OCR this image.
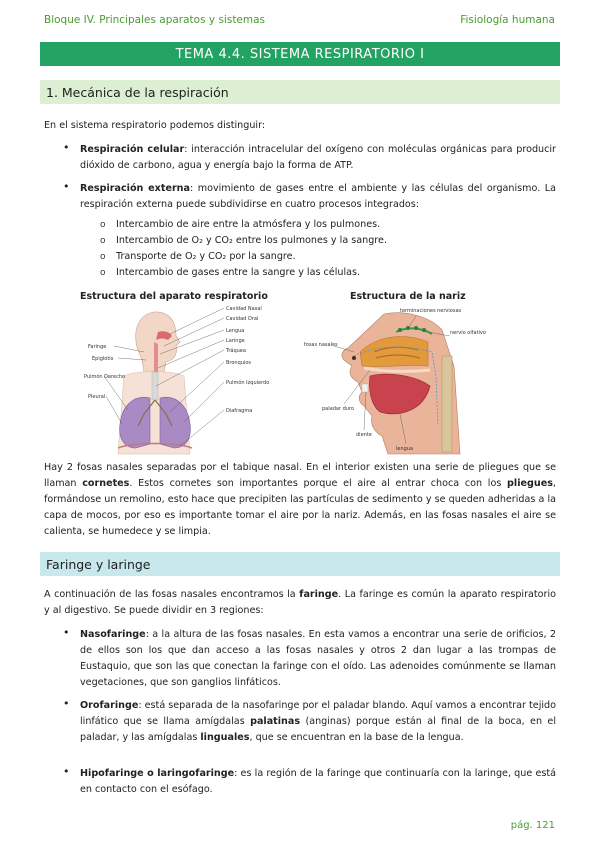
Bloque IV. Principales aparatos y sistemas	Fisiología humana
TEMA 4.4. SISTEMA RESPIRATORIO I
1. Mecánica de la respiración
En el sistema respiratorio podemos distinguir:
• Respiración celular: interacción intracelular del oxígeno con moléculas orgánicas para producir dióxido de carbono, agua y energía bajo la forma de ATP.
• Respiración externa: movimiento de gases entre el ambiente y las células del organismo. La respiración externa puede subdividirse en cuatro procesos integrados:
o Intercambio de aire entre la atmósfera y los pulmones.
o Intercambio de O₂ y CO₂ entre los pulmones y la sangre.
o Transporte de O₂ y CO₂ por la sangre.
o Intercambio de gases entre la sangre y las células.
Estructura del aparato respiratorio	Estructura de la nariz
Cavidad Nasal
Cavidad Oral
Faringe
Epiglotis
Lengua
Laringe
Tráquea
Pulmón Derecho
Bronquios
Pleural
Pulmón Izquierdo
Diafragma
terminaciones nerviosas
nervio olfativo
fosas nasales
paladar duro
diente
lengua
Hay 2 fosas nasales separadas por el tabique nasal. En el interior existen una serie de pliegues que se llaman cornetes. Estos cornetes son importantes porque el aire al entrar choca con los pliegues, formándose un remolino, esto hace que precipiten las partículas de sedimento y se queden adheridas a la capa de mocos, por eso es importante tomar el aire por la nariz. Además, en las fosas nasales el aire se calienta, se humedece y se limpia.
Faringe y laringe
A continuación de las fosas nasales encontramos la faringe. La faringe es común la aparato respiratorio y al digestivo. Se puede dividir en 3 regiones:
• Nasofaringe: a la altura de las fosas nasales. En esta vamos a encontrar una serie de orificios, 2 de ellos son los que dan acceso a las fosas nasales y otros 2 dan lugar a las trompas de Eustaquio, que son las que conectan la faringe con el oído. Las adenoides comúnmente se llaman vegetaciones, que son ganglios linfáticos.
• Orofaringe: está separada de la nasofaringe por el paladar blando. Aquí vamos a encontrar tejido linfático que se llama amígdalas palatinas (anginas) porque están al final de la boca, en el paladar, y las amígdalas linguales, que se encuentran en la base de la lengua.
• Hipofaringe o laringofaringe: es la región de la faringe que continuaría con la laringe, que está en contacto con el esófago.
pág. 121
